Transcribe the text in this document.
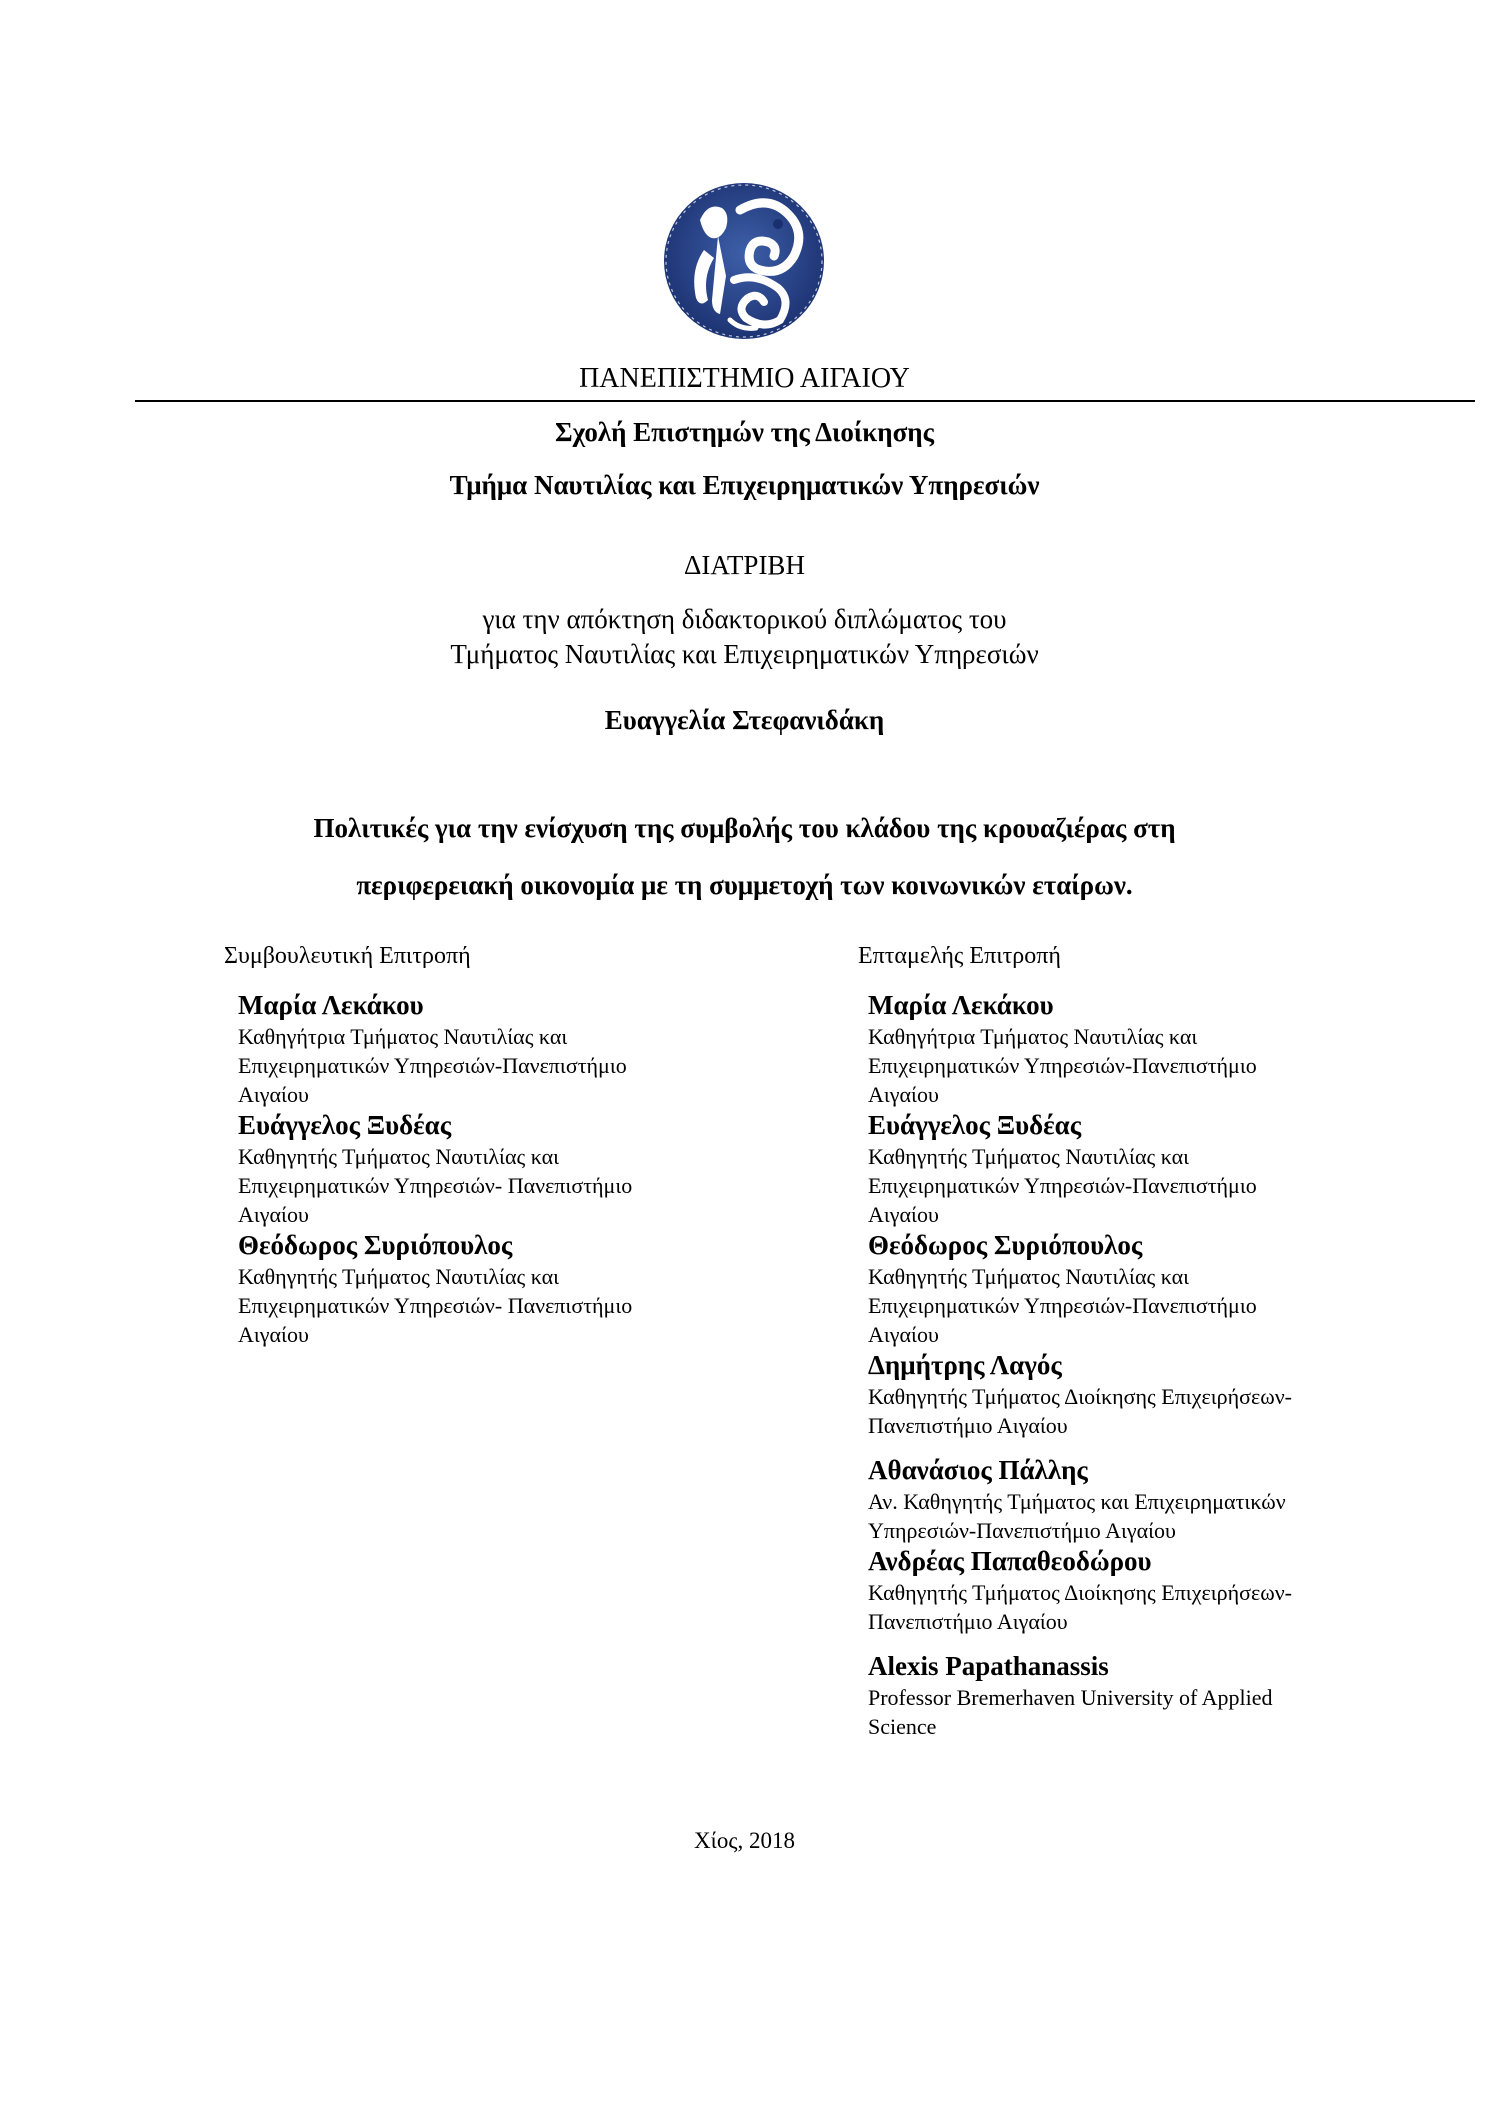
ΠΑΝΕΠΙΣΤΗΜΙΟ ΑΙΓΑΙΟΥ
Σχολή Επιστημών της Διοίκησης
Τμήμα Ναυτιλίας και Επιχειρηματικών Υπηρεσιών
ΔΙΑΤΡΙΒΗ
για την απόκτηση διδακτορικού διπλώματος του
Τμήματος Ναυτιλίας και Επιχειρηματικών Υπηρεσιών
Ευαγγελία Στεφανιδάκη
Πολιτικές για την ενίσχυση της συμβολής του κλάδου της κρουαζιέρας στη
περιφερειακή οικονομία με τη συμμετοχή των κοινωνικών εταίρων.
Συμβουλευτική Επιτροπή
Μαρία Λεκάκου
Καθηγήτρια Τμήματος Ναυτιλίας και
Επιχειρηματικών Υπηρεσιών-Πανεπιστήμιο
Αιγαίου
Ευάγγελος Ξυδέας
Καθηγητής Τμήματος Ναυτιλίας και
Επιχειρηματικών Υπηρεσιών- Πανεπιστήμιο
Αιγαίου
Θεόδωρος Συριόπουλος
Καθηγητής Τμήματος Ναυτιλίας και
Επιχειρηματικών Υπηρεσιών- Πανεπιστήμιο
Αιγαίου
Επταμελής Επιτροπή
Μαρία Λεκάκου
Καθηγήτρια Τμήματος Ναυτιλίας και
Επιχειρηματικών Υπηρεσιών-Πανεπιστήμιο
Αιγαίου
Ευάγγελος Ξυδέας
Καθηγητής Τμήματος Ναυτιλίας και
Επιχειρηματικών Υπηρεσιών-Πανεπιστήμιο
Αιγαίου
Θεόδωρος Συριόπουλος
Καθηγητής Τμήματος Ναυτιλίας και
Επιχειρηματικών Υπηρεσιών-Πανεπιστήμιο
Αιγαίου
Δημήτρης Λαγός
Καθηγητής Τμήματος Διοίκησης Επιχειρήσεων-
Πανεπιστήμιο Αιγαίου
Αθανάσιος Πάλλης
Αν. Καθηγητής Τμήματος και Επιχειρηματικών
Υπηρεσιών-Πανεπιστήμιο Αιγαίου
Ανδρέας Παπαθεοδώρου
Καθηγητής Τμήματος Διοίκησης Επιχειρήσεων-
Πανεπιστήμιο Αιγαίου
Alexis Papathanassis
Professor Bremerhaven University of Applied
Science
Χίος, 2018
